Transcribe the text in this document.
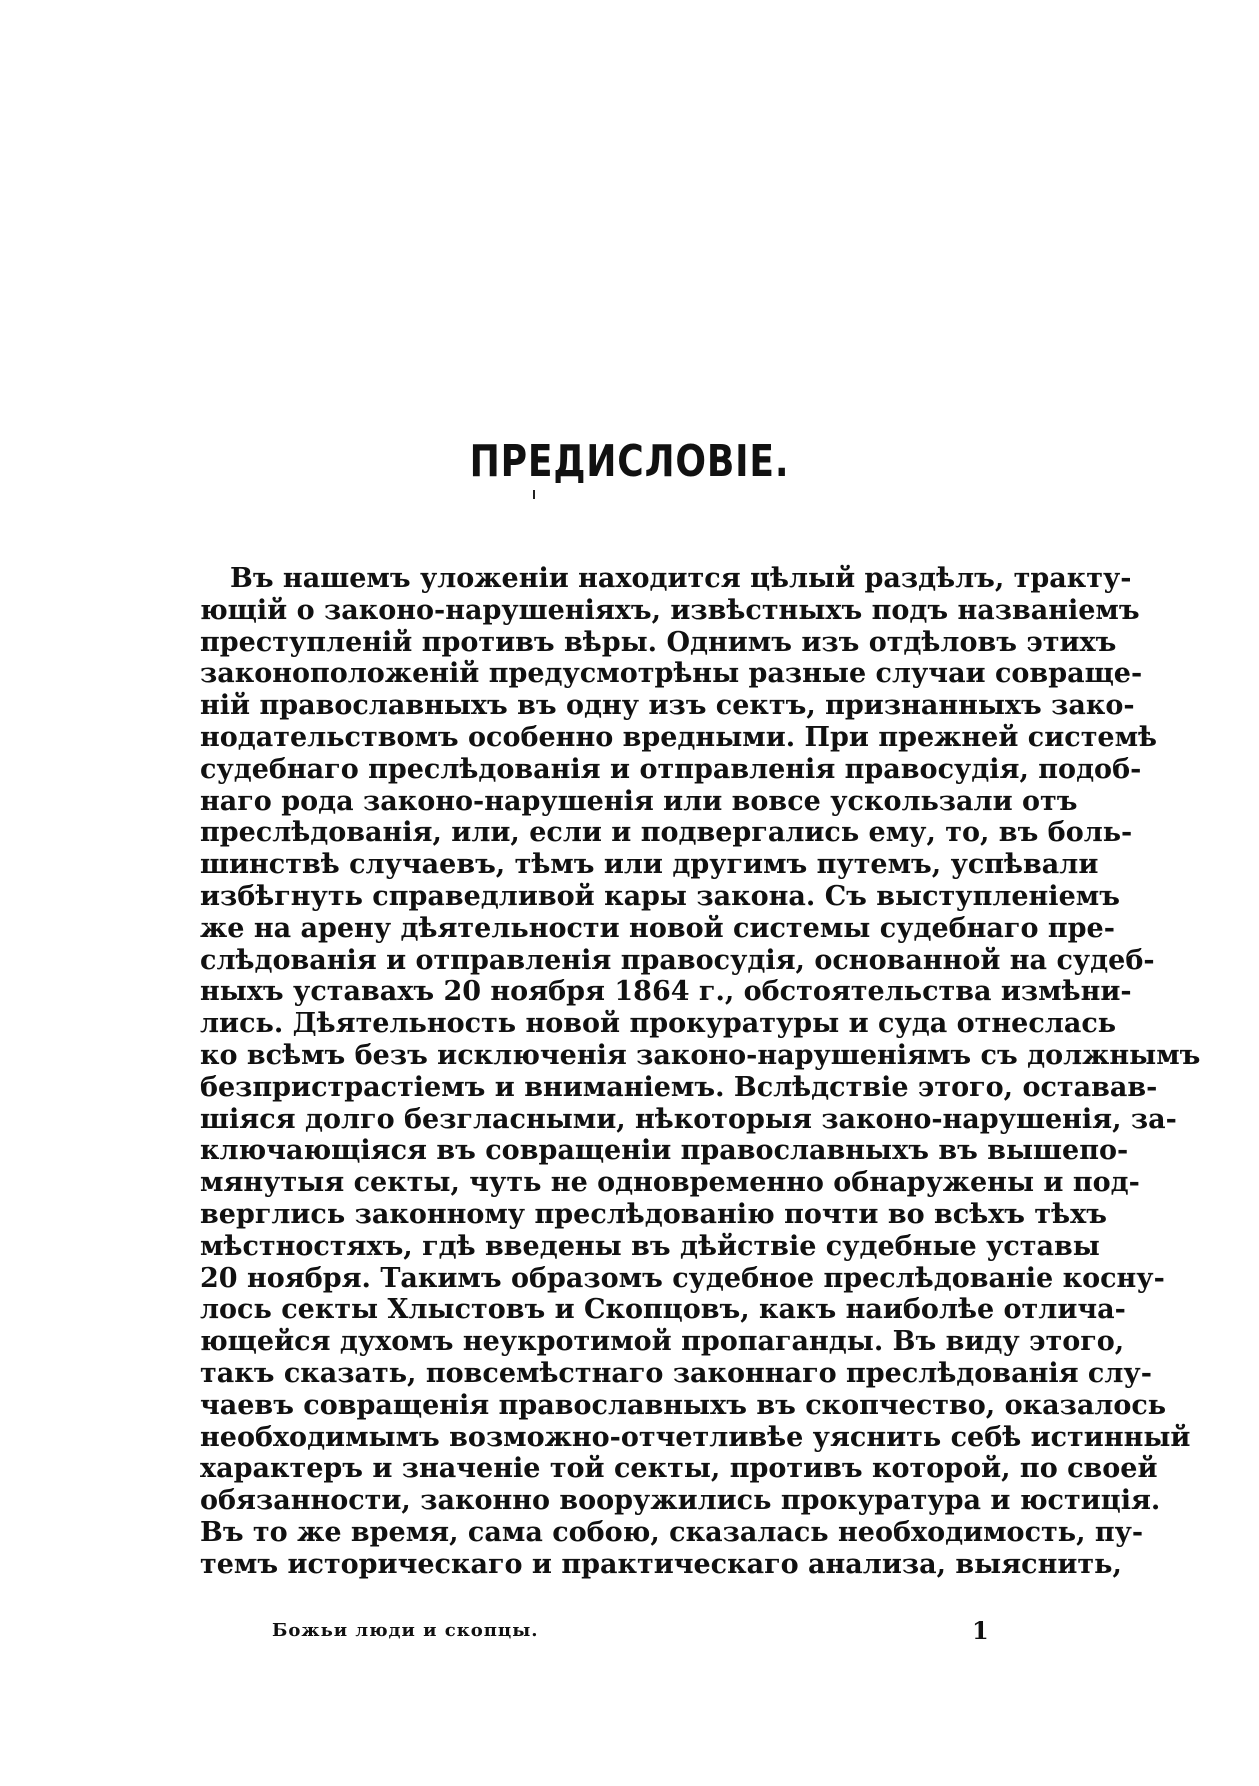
ПРЕДИСЛОВІЕ.
Въ нашемъ уложеніи находится цѣлый раздѣлъ, тракту-
ющій о законо-нарушеніяхъ, извѣстныхъ подъ названіемъ
преступленій противъ вѣры. Однимъ изъ отдѣловъ этихъ
законоположеній предусмотрѣны разные случаи совраще-
ній православныхъ въ одну изъ сектъ, признанныхъ зако-
нодательствомъ особенно вредными. При прежней системѣ
судебнаго преслѣдованія и отправленія правосудія, подоб-
наго рода законо-нарушенія или вовсе ускользали отъ
преслѣдованія, или, если и подвергались ему, то, въ боль-
шинствѣ случаевъ, тѣмъ или другимъ путемъ, успѣвали
избѣгнуть справедливой кары закона. Съ выступленіемъ
же на арену дѣятельности новой системы судебнаго пре-
слѣдованія и отправленія правосудія, основанной на судеб-
ныхъ уставахъ 20 ноября 1864 г., обстоятельства измѣни-
лись. Дѣятельность новой прокуратуры и суда отнеслась
ко всѣмъ безъ исключенія законо-нарушеніямъ съ должнымъ
безпристрастіемъ и вниманіемъ. Вслѣдствіе этого, оставав-
шіяся долго безгласными, нѣкоторыя законо-нарушенія, за-
ключающіяся въ совращеніи православныхъ въ вышепо-
мянутыя секты, чуть не одновременно обнаружены и под-
верглись законному преслѣдованію почти во всѣхъ тѣхъ
мѣстностяхъ, гдѣ введены въ дѣйствіе судебные уставы
20 ноября. Такимъ образомъ судебное преслѣдованіе косну-
лось секты Хлыстовъ и Скопцовъ, какъ наиболѣе отлича-
ющейся духомъ неукротимой пропаганды. Въ виду этого,
такъ сказать, повсемѣстнаго законнаго преслѣдованія слу-
чаевъ совращенія православныхъ въ скопчество, оказалось
необходимымъ возможно-отчетливѣе уяснить себѣ истинный
характеръ и значеніе той секты, противъ которой, по своей
обязанности, законно вооружились прокуратура и юстиція.
Въ то же время, сама собою, сказалась необходимость, пу-
темъ историческаго и практическаго анализа, выяснить,
Божьи люди и скопцы.	1
